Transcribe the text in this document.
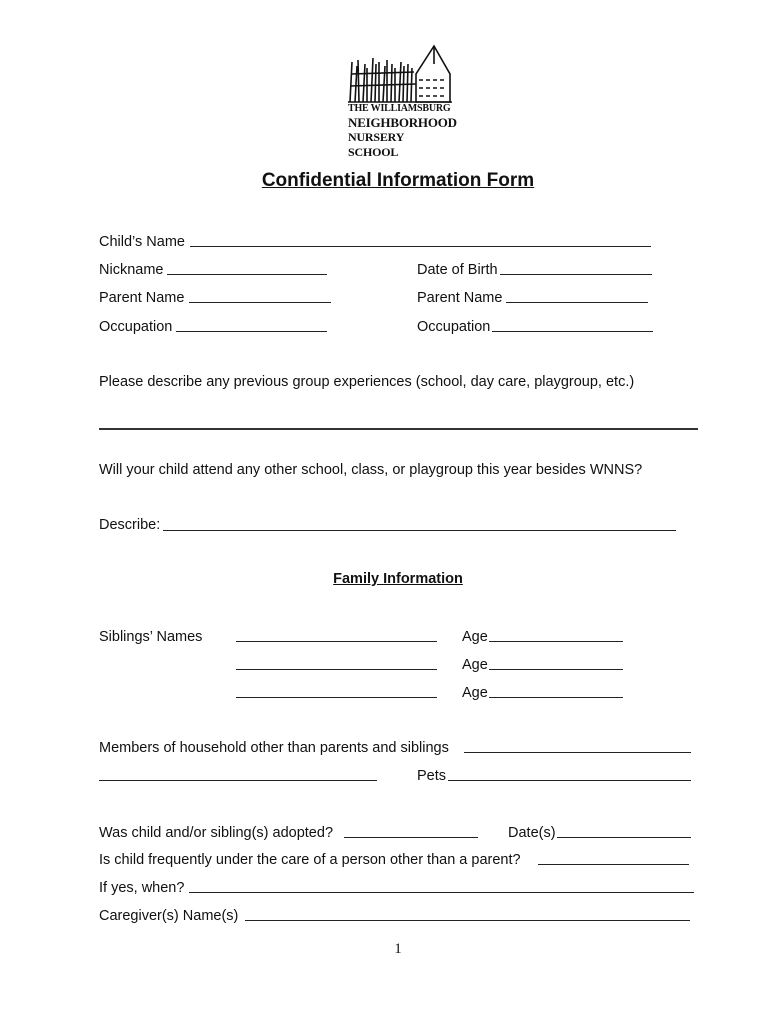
THE WILLIAMSBURG
NEIGHBORHOOD
NURSERY SCHOOL
Confidential Information Form
Child’s Name
Nickname	Date of Birth
Parent Name	Parent Name
Occupation	Occupation
Please describe any previous group experiences (school, day care, playgroup, etc.)
Will your child attend any other school, class, or playgroup this year besides WNNS?
Describe:
Family Information
Siblings’ Names	Age
Age
Age
Members of household other than parents and siblings
Pets
Was child and/or sibling(s) adopted?	Date(s)
Is child frequently under the care of a person other than a parent?
If yes, when?
Caregiver(s) Name(s)
1
